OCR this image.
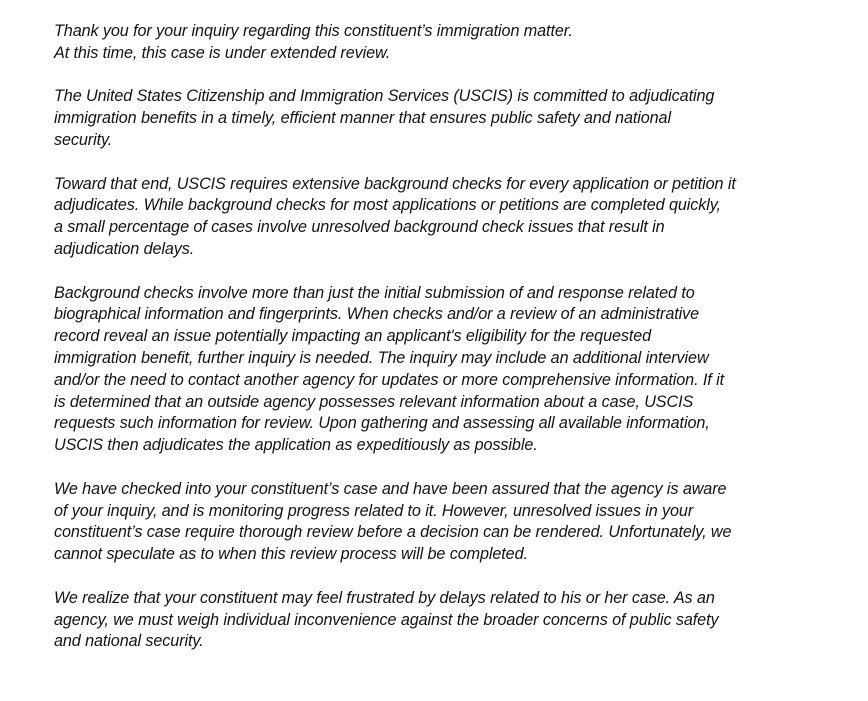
Thank you for your inquiry regarding this constituent’s immigration matter.
At this time, this case is under extended review.

The United States Citizenship and Immigration Services (USCIS) is committed to adjudicating
immigration benefits in a timely, efficient manner that ensures public safety and national
security.

Toward that end, USCIS requires extensive background checks for every application or petition it
adjudicates. While background checks for most applications or petitions are completed quickly,
a small percentage of cases involve unresolved background check issues that result in
adjudication delays.

Background checks involve more than just the initial submission of and response related to
biographical information and fingerprints. When checks and/or a review of an administrative
record reveal an issue potentially impacting an applicant's eligibility for the requested
immigration benefit, further inquiry is needed. The inquiry may include an additional interview
and/or the need to contact another agency for updates or more comprehensive information. If it
is determined that an outside agency possesses relevant information about a case, USCIS
requests such information for review. Upon gathering and assessing all available information,
USCIS then adjudicates the application as expeditiously as possible.

We have checked into your constituent’s case and have been assured that the agency is aware
of your inquiry, and is monitoring progress related to it. However, unresolved issues in your
constituent’s case require thorough review before a decision can be rendered. Unfortunately, we
cannot speculate as to when this review process will be completed.

We realize that your constituent may feel frustrated by delays related to his or her case. As an
agency, we must weigh individual inconvenience against the broader concerns of public safety
and national security.
